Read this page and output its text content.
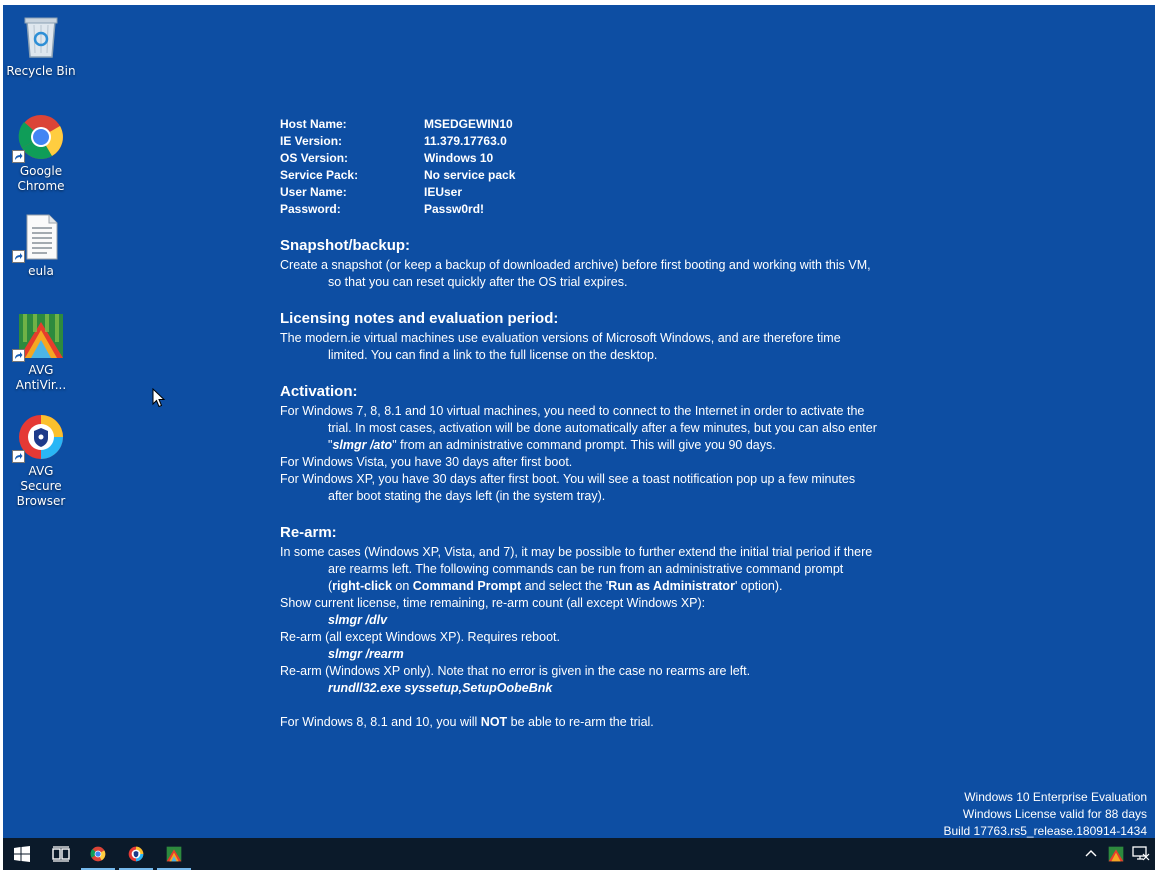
Recycle Bin
Google Chrome
eula
AVG AntiVir...
AVG Secure Browser
Host Name:	MSEDGEWIN10
IE Version:	11.379.17763.0
OS Version:	Windows 10
Service Pack:	No service pack
User Name:	IEUser
Password:	Passw0rd!
Snapshot/backup:
Create a snapshot (or keep a backup of downloaded archive) before first booting and working with this VM, so that you can reset quickly after the OS trial expires.
Licensing notes and evaluation period:
The modern.ie virtual machines use evaluation versions of Microsoft Windows, and are therefore time limited. You can find a link to the full license on the desktop.
Activation:
For Windows 7, 8, 8.1 and 10 virtual machines, you need to connect to the Internet in order to activate the trial. In most cases, activation will be done automatically after a few minutes, but you can also enter "slmgr /ato" from an administrative command prompt. This will give you 90 days.
For Windows Vista, you have 30 days after first boot.
For Windows XP, you have 30 days after first boot. You will see a toast notification pop up a few minutes after boot stating the days left (in the system tray).
Re-arm:
In some cases (Windows XP, Vista, and 7), it may be possible to further extend the initial trial period if there are rearms left. The following commands can be run from an administrative command prompt (right-click on Command Prompt and select the 'Run as Administrator' option).
Show current license, time remaining, re-arm count (all except Windows XP):
slmgr /dlv
Re-arm (all except Windows XP). Requires reboot.
slmgr /rearm
Re-arm (Windows XP only). Note that no error is given in the case no rearms are left.
rundll32.exe syssetup,SetupOobeBnk
For Windows 8, 8.1 and 10, you will NOT be able to re-arm the trial.
Windows 10 Enterprise Evaluation
Windows License valid for 88 days
Build 17763.rs5_release.180914-1434
